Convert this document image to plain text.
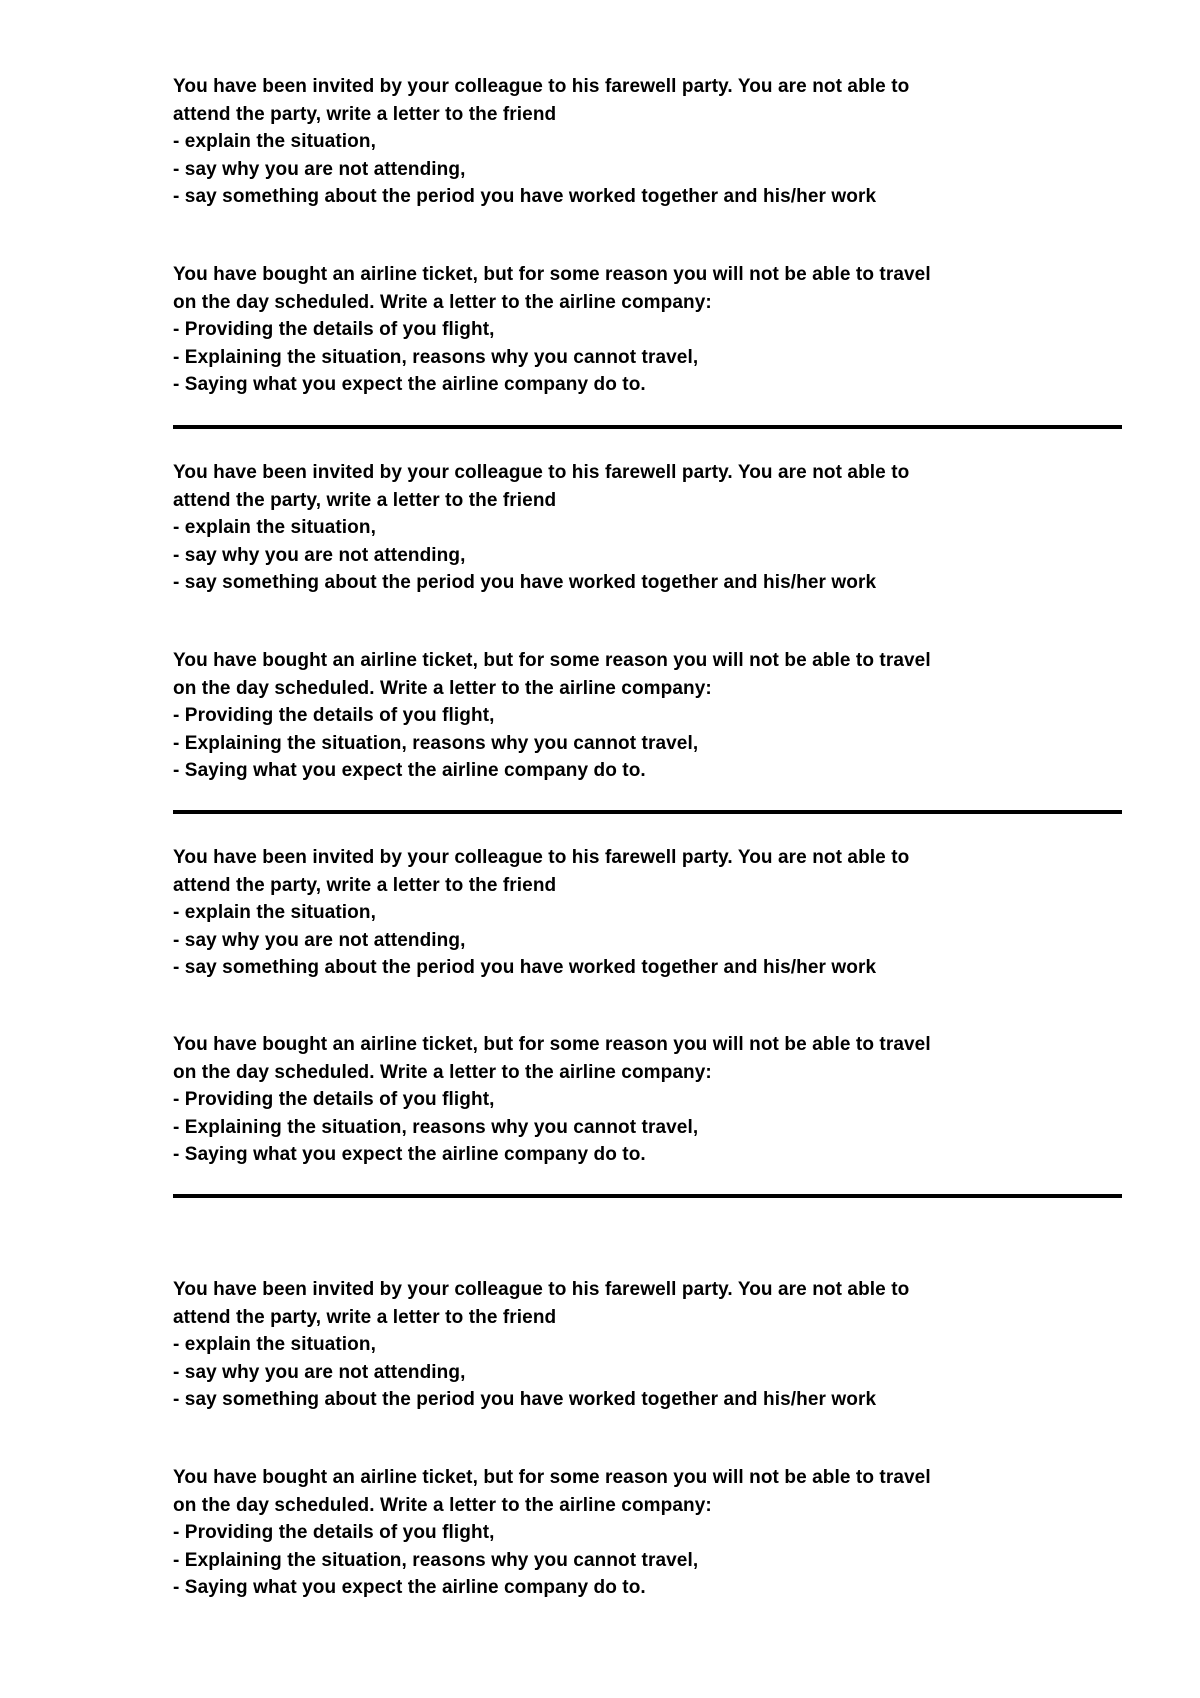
You have been invited by your colleague to his farewell party. You are not able to
attend the party, write a letter to the friend
- explain the situation,
- say why you are not attending,
- say something about the period you have worked together and his/her work
You have bought an airline ticket, but for some reason you will not be able to travel
on the day scheduled. Write a letter to the airline company:
- Providing the details of you flight,
- Explaining the situation, reasons why you cannot travel,
- Saying what you expect the airline company do to.
You have been invited by your colleague to his farewell party. You are not able to
attend the party, write a letter to the friend
- explain the situation,
- say why you are not attending,
- say something about the period you have worked together and his/her work
You have bought an airline ticket, but for some reason you will not be able to travel
on the day scheduled. Write a letter to the airline company:
- Providing the details of you flight,
- Explaining the situation, reasons why you cannot travel,
- Saying what you expect the airline company do to.
You have been invited by your colleague to his farewell party. You are not able to
attend the party, write a letter to the friend
- explain the situation,
- say why you are not attending,
- say something about the period you have worked together and his/her work
You have bought an airline ticket, but for some reason you will not be able to travel
on the day scheduled. Write a letter to the airline company:
- Providing the details of you flight,
- Explaining the situation, reasons why you cannot travel,
- Saying what you expect the airline company do to.
You have been invited by your colleague to his farewell party. You are not able to
attend the party, write a letter to the friend
- explain the situation,
- say why you are not attending,
- say something about the period you have worked together and his/her work
You have bought an airline ticket, but for some reason you will not be able to travel
on the day scheduled. Write a letter to the airline company:
- Providing the details of you flight,
- Explaining the situation, reasons why you cannot travel,
- Saying what you expect the airline company do to.
